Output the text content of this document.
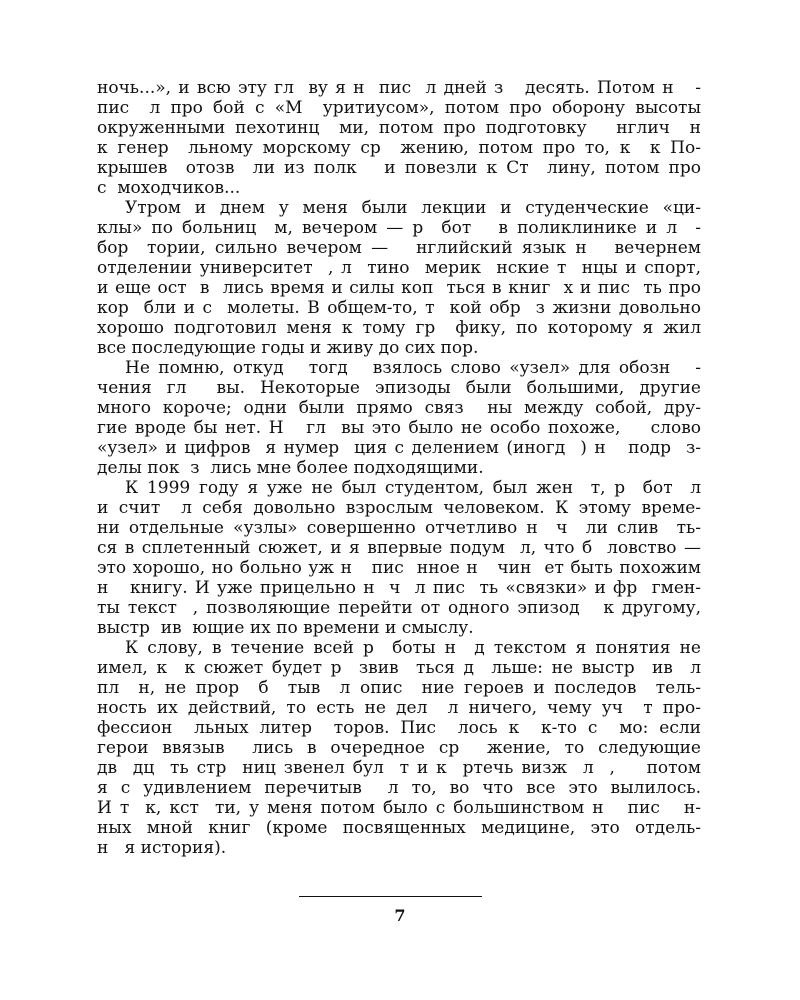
ночь...», и всю эту гл  ву я н  пис  л дней з   десять. Потом н   -
пис  л про бой с «М  уритиусом», потом про оборону высоты
окруженными пехотинц  ми, потом про подготовку   нглич  н
к генер  льному морскому ср  жению, потом про то, к  к По-
крышев  отозв  ли из полк   и повезли к Ст  лину, потом про
с  моходчиков...
Утром и днем у меня были лекции и студенческие «ци-
клы» по больниц  м, вечером — р  бот   в поликлинике и л  -
бор  тории, сильно вечером —   нглийский язык н   вечернем
отделении университет  , л  тино  мерик  нские т  нцы и спорт,
и еще ост  в  лись время и силы коп  ться в книг  х и пис  ть про
кор  бли и с  молеты. В общем-то, т  кой обр  з жизни довольно
хорошо подготовил меня к тому гр  фику, по которому я жил
все последующие годы и живу до сих пор.
Не помню, откуд   тогд   взялось слово «узел» для обозн   -
чения гл  вы. Некоторые эпизоды были большими, другие
много короче; одни были прямо связ  ны между собой, дру-
гие вроде бы нет. Н   гл  вы это было не особо похоже,    слово
«узел» и цифров  я нумер  ция с делением (иногд  ) н   подр  з-
делы пок  з  лись мне более подходящими.
К 1999 году я уже не был студентом, был жен  т, р  бот  л
и счит  л себя довольно взрослым человеком. К этому време-
ни отдельные «узлы» совершенно отчетливо н  ч  ли слив  ть-
ся в сплетенный сюжет, и я впервые подум  л, что б  ловство —
это хорошо, но больно уж н   пис  нное н   чин  ет быть похожим
н   книгу. И уже прицельно н  ч  л пис  ть «связки» и фр  гмен-
ты текст  , позволяющие перейти от одного эпизод   к другому,
выстр  ив  ющие их по времени и смыслу.
К слову, в течение всей р  боты н  д текстом я понятия не
имел, к  к сюжет будет р  звив  ться д  льше: не выстр  ив  л
пл  н, не прор  б  тыв  л опис  ние героев и последов  тель-
ность их действий, то есть не дел  л ничего, чему уч  т про-
фессион  льных литер  торов. Пис  лось к  к-то с  мо: если
герои ввязыв  лись в очередное ср  жение, то следующие
дв  дц  ть стр  ниц звенел бул  т и к  ртечь визж  л  ,    потом
я с удивлением перечитыв  л то, во что все это вылилось.
И т  к, кст  ти, у меня потом было с большинством н   пис   н-
ных мной книг (кроме посвященных медицине, это отдель-
н   я история).
7
